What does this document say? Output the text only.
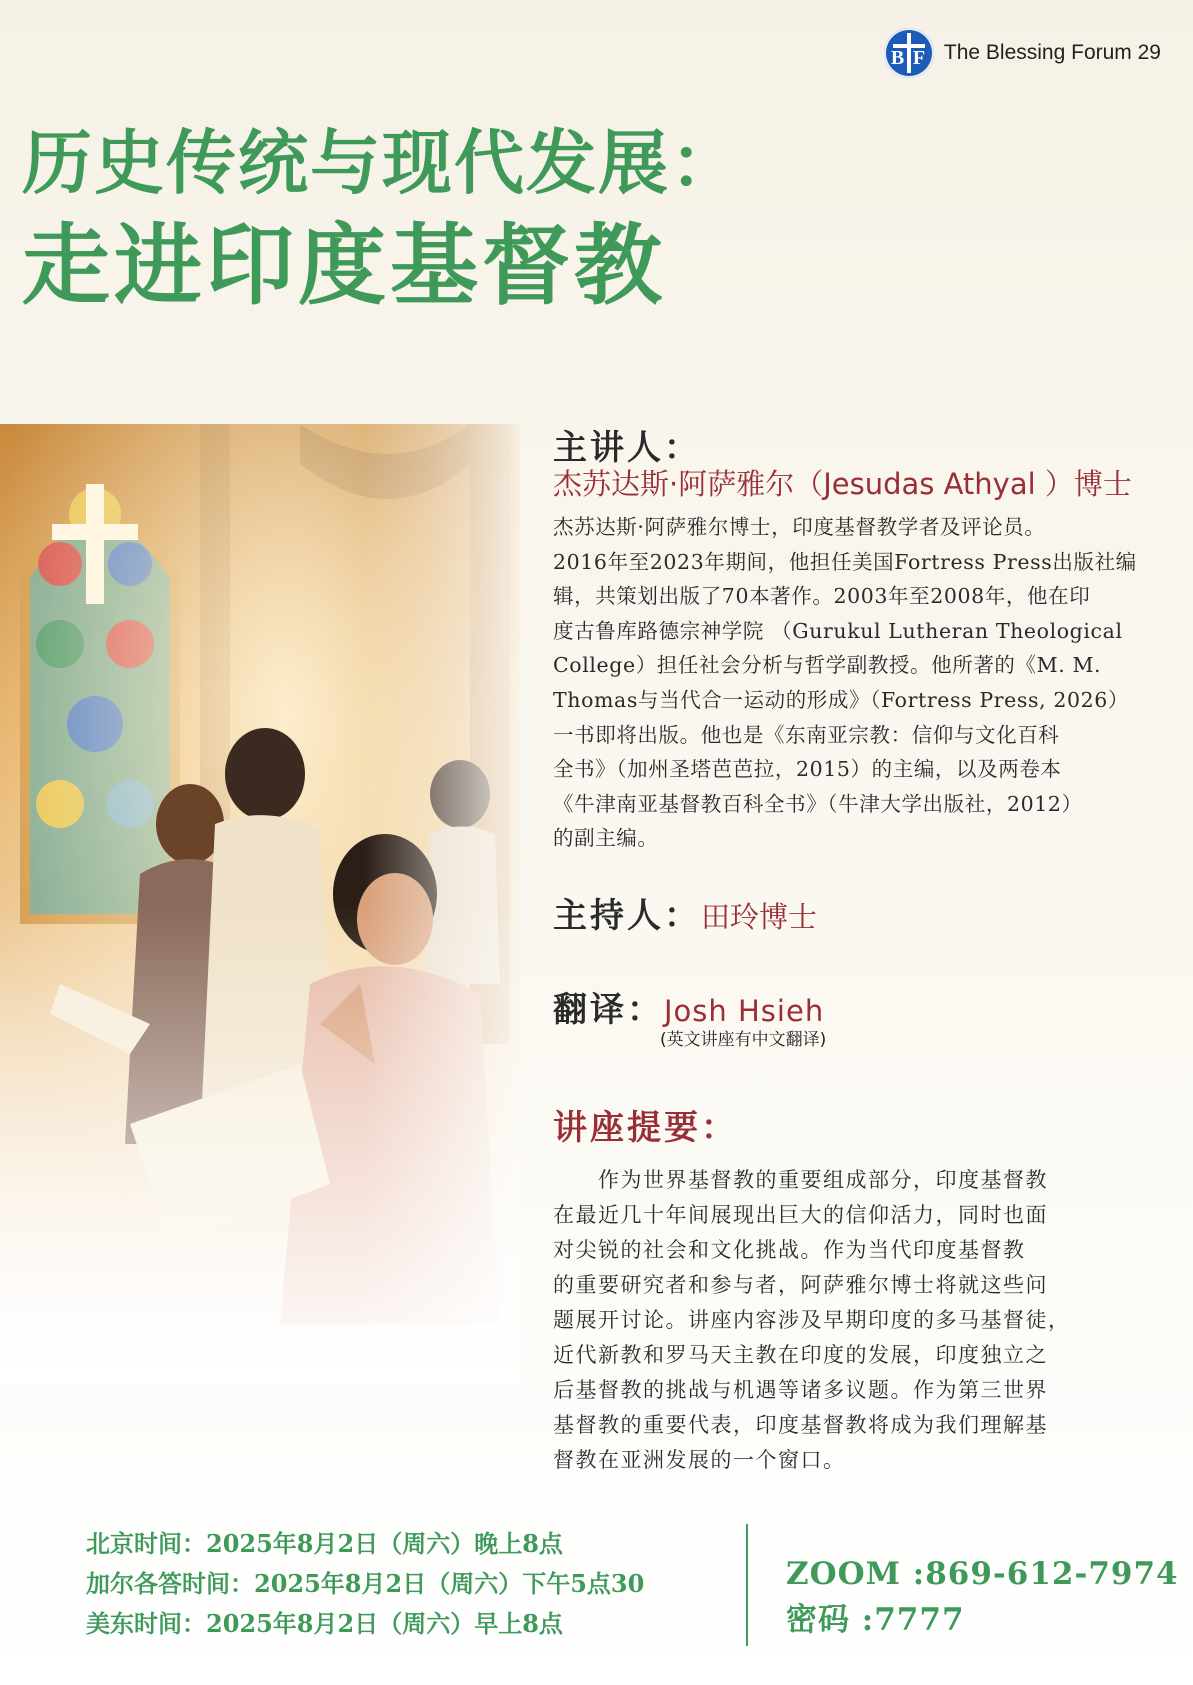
B F The Blessing Forum 29
历史传统与现代发展：
走进印度基督教
主讲人：
杰苏达斯·阿萨雅尔（Jesudas Athyal ）博士
杰苏达斯·阿萨雅尔博士，印度基督教学者及评论员。
2016年至2023年期间，他担任美国Fortress Press出版社编
辑，共策划出版了70本著作。2003年至2008年，他在印
度古鲁库路德宗神学院 （Gurukul Lutheran Theological
College）担任社会分析与哲学副教授。他所著的《M. M.
Thomas与当代合一运动的形成》（Fortress Press, 2026）
一书即将出版。他也是《东南亚宗教：信仰与文化百科
全书》（加州圣塔芭芭拉，2015）的主编，以及两卷本
《牛津南亚基督教百科全书》（牛津大学出版社，2012）
的副主编。
主持人：田玲博士
翻译：Josh Hsieh
(英文讲座有中文翻译)
讲座提要：
　　作为世界基督教的重要组成部分，印度基督教
在最近几十年间展现出巨大的信仰活力，同时也面
对尖锐的社会和文化挑战。作为当代印度基督教
的重要研究者和参与者，阿萨雅尔博士将就这些问
题展开讨论。讲座内容涉及早期印度的多马基督徒，
近代新教和罗马天主教在印度的发展，印度独立之
后基督教的挑战与机遇等诸多议题。作为第三世界
基督教的重要代表，印度基督教将成为我们理解基
督教在亚洲发展的一个窗口。
北京时间：2025年8月2日（周六）晚上8点
加尔各答时间：2025年8月2日（周六）下午5点30
美东时间：2025年8月2日（周六）早上8点
ZOOM :869-612-7974
密码 :7777
